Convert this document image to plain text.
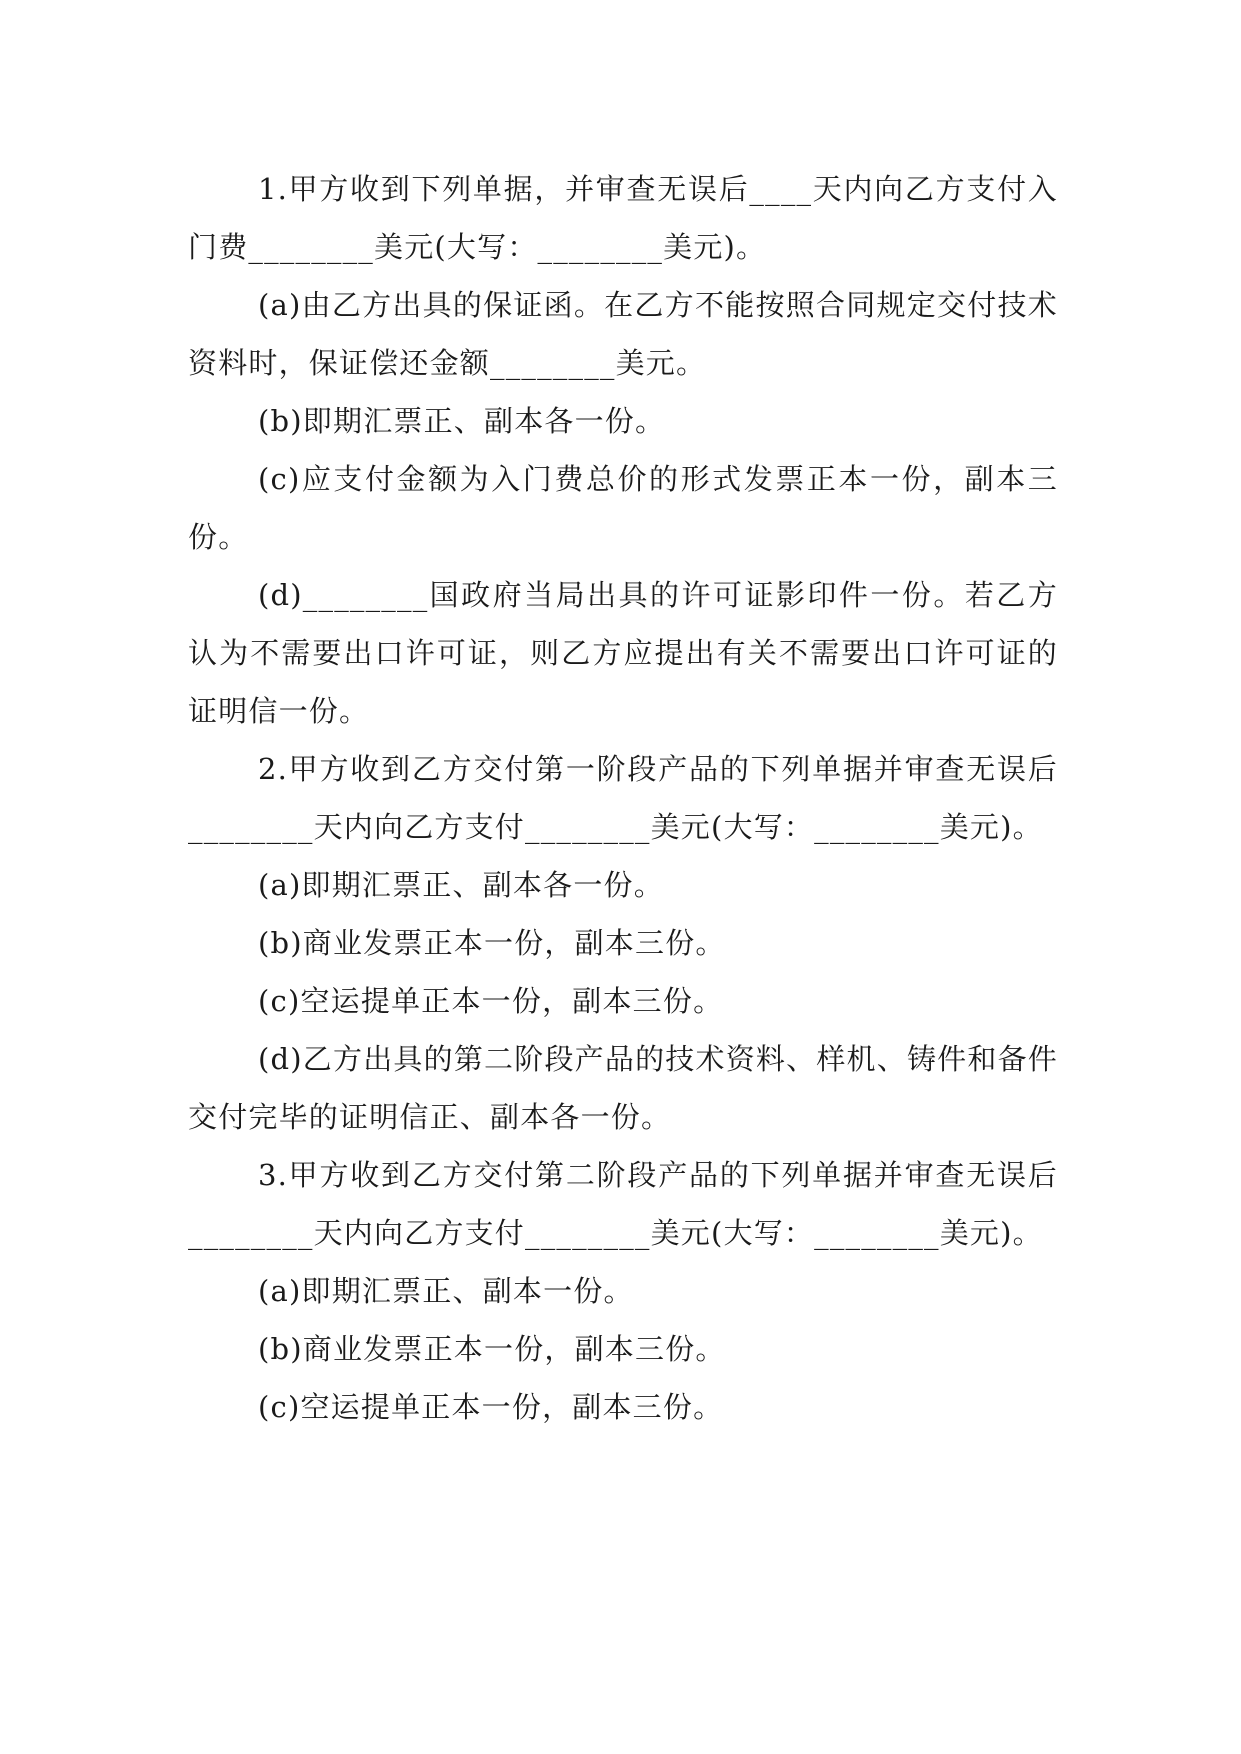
1.甲方收到下列单据，并审查无误后____天内向乙方支付入门费________美元(大写：________美元)。

(a)由乙方出具的保证函。在乙方不能按照合同规定交付技术资料时，保证偿还金额________美元。

(b)即期汇票正、副本各一份。

(c)应支付金额为入门费总价的形式发票正本一份，副本三份。

(d)________国政府当局出具的许可证影印件一份。若乙方认为不需要出口许可证，则乙方应提出有关不需要出口许可证的证明信一份。

2.甲方收到乙方交付第一阶段产品的下列单据并审查无误后________天内向乙方支付________美元(大写：________美元)。

(a)即期汇票正、副本各一份。

(b)商业发票正本一份，副本三份。

(c)空运提单正本一份，副本三份。

(d)乙方出具的第二阶段产品的技术资料、样机、铸件和备件交付完毕的证明信正、副本各一份。

3.甲方收到乙方交付第二阶段产品的下列单据并审查无误后________天内向乙方支付________美元(大写：________美元)。

(a)即期汇票正、副本一份。

(b)商业发票正本一份，副本三份。

(c)空运提单正本一份，副本三份。
